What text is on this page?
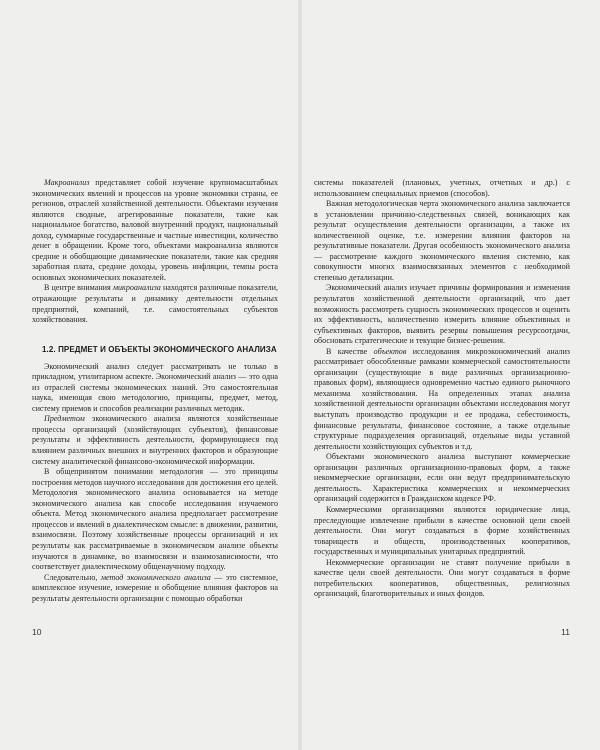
Макроанализ представляет собой изучение крупномасштабных экономических явлений и процессов на уровне экономики страны, ее регионов, отраслей хозяйственной деятельности. Объектами изучения являются сводные, агрегированные показатели, такие как национальное богатство, валовой внутренний продукт, национальный доход, суммарные государственные и частные инвестиции, количество денег в обращении. Кроме того, объектами макроанализа являются средние и обобщающие динамические показатели, такие как средняя заработная плата, средние доходы, уровень инфляции, темпы роста основных экономических показателей.

В центре внимания микроанализа находятся различные показатели, отражающие результаты и динамику деятельности отдельных предприятий, компаний, т.е. самостоятельных субъектов хозяйствования.

1.2. ПРЕДМЕТ И ОБЪЕКТЫ ЭКОНОМИЧЕСКОГО АНАЛИЗА

Экономический анализ следует рассматривать не только в прикладном, утилитарном аспекте. Экономический анализ — это одна из отраслей системы экономических знаний. Это самостоятельная наука, имеющая свою методологию, принципы, предмет, метод, систему приемов и способов реализации различных методик.

Предметом экономического анализа являются хозяйственные процессы организаций (хозяйствующих субъектов), финансовые результаты и эффективность деятельности, формирующиеся под влиянием различных внешних и внутренних факторов и образующие систему аналитической финансово-экономической информации.

В общепринятом понимании методология — это принципы построения методов научного исследования для достижения его целей. Методология экономического анализа основывается на методе экономического анализа как способе исследования изучаемого объекта. Метод экономического анализа предполагает рассмотрение процессов и явлений в диалектическом смысле: в движении, развитии, взаимосвязи. Поэтому хозяйственные процессы организаций и их результаты как рассматриваемые в экономическом анализе объекты изучаются в динамике, во взаимосвязи и взаимозависимости, что соответствует диалектическому общенаучному подходу.

Следовательно, метод экономического анализа — это системное, комплексное изучение, измерение и обобщение влияния факторов на результаты деятельности организации с помощью обработки

10

системы показателей (плановых, учетных, отчетных и др.) с использованием специальных приемов (способов).

Важная методологическая черта экономического анализа заключается в установлении причинно-следственных связей, воникающих как результат осуществления деятельности организации, а также их количественной оценке, т.е. измерении влияния факторов на результативные показатели. Другая особенность экономического анализа — рассмотрение каждого экономического явления системно, как совокупности многих взаимосвязанных элементов с необходимой степенью детализации.

Экономический анализ изучает причины формирования и изменения результатов хозяйственной деятельности организаций, что дает возможность рассмотреть сущность экономических процессов и оценить их эффективность, количественно измерить влияние объективных и субъективных факторов, выявить резервы повышения ресурсоотдачи, обосновать стратегические и текущие бизнес-решения.

В качестве объектов исследования микроэкономический анализ рассматривает обособленные рамками коммерческой самостоятельности организации (существующие в виде различных организационно-правовых форм), являющиеся одновременно частью единого рыночного механизма хозяйствования. На определенных этапах анализа хозяйственной деятельности организации объектами исследования могут выступать производство продукции и ее продажа, себестоимость, финансовые результаты, финансовое состояние, а также отдельные структурные подразделения организаций, отдельные виды уставной деятельности хозяйствующих субъектов и т.д.

Объектами экономического анализа выступают коммерческие организации различных организационно-правовых форм, а также некоммерческие организации, если они ведут предпринимательскую деятельность. Характеристика коммерческих и некоммерческих организаций содержится в Гражданском кодексе РФ.

Коммерческими организациями являются юридические лица, преследующие извлечение прибыли в качестве основной цели своей деятельности. Они могут создаваться в форме хозяйственных товариществ и обществ, производственных кооперативов, государственных и муниципальных унитарных предприятий.

Некоммерческие организации не ставят получение прибыли в качестве цели своей деятельности. Они могут создаваться в форме потребительских кооперативов, общественных, религиозных организаций, благотворительных и иных фондов.

11
